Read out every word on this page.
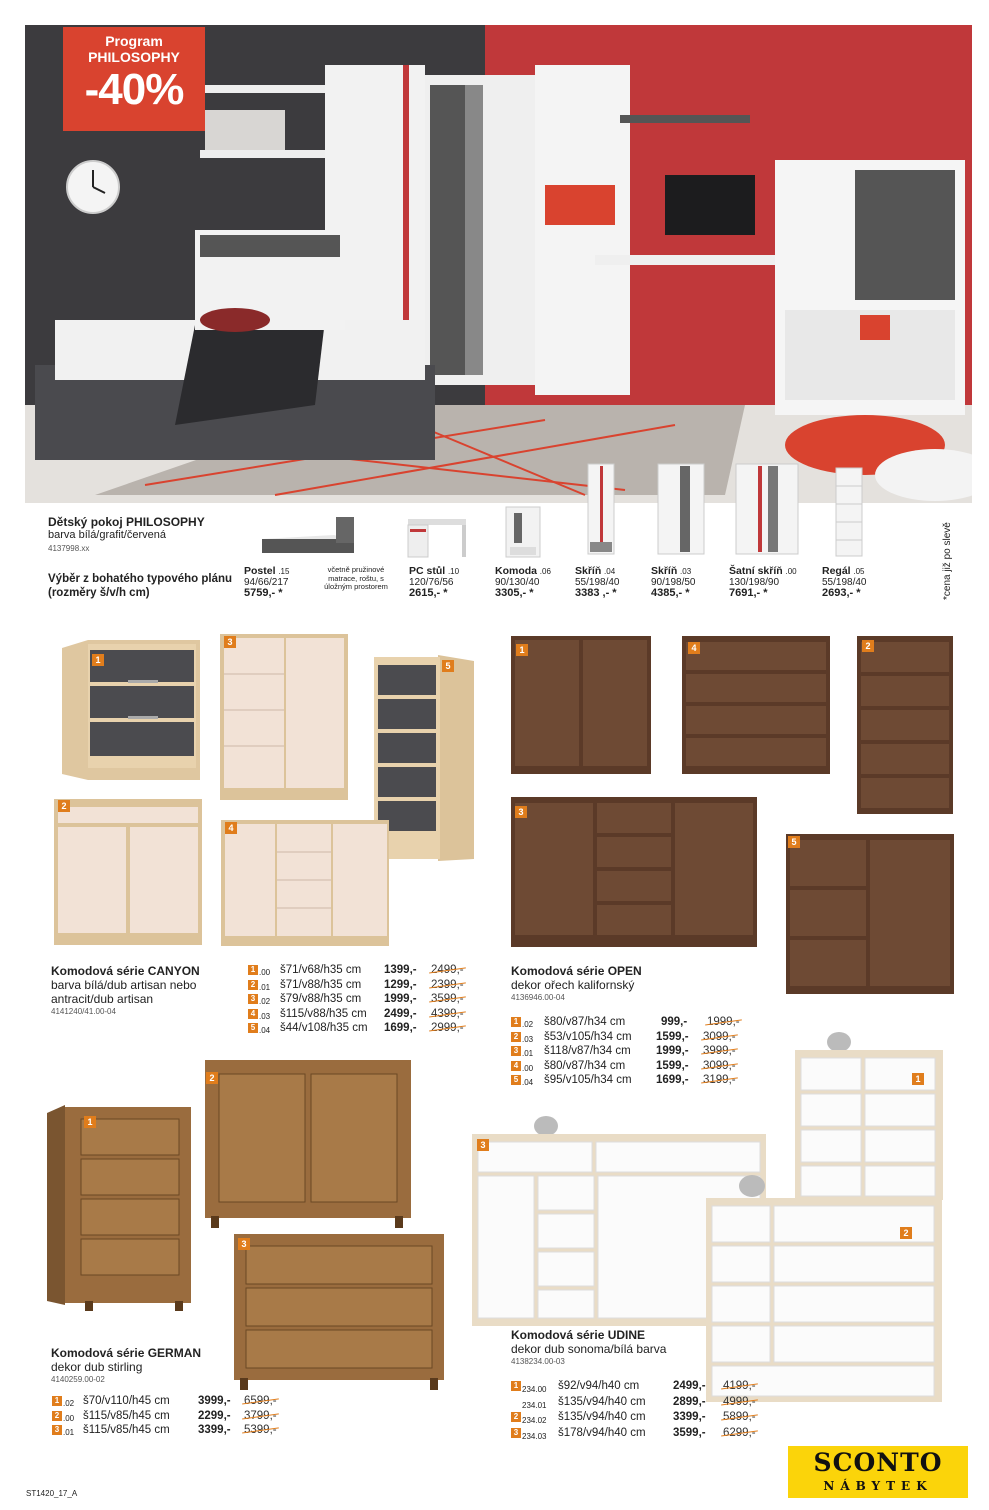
Program
PHILOSOPHY
-40%
Dětský pokoj PHILOSOPHY
barva bílá/grafit/červená
4137998.xx
Výběr z bohatého typového plánu (rozměry š/v/h cm)
Postel .15
94/66/217
5759,- *
včetně pružinové matrace, roštu, s úložným prostorem
PC stůl .10
120/76/56
2615,- *
Komoda .06
90/130/40
3305,- *
Skříň .04
55/198/40
3383 ,- *
Skříň .03
90/198/50
4385,- *
Šatní skříň .00
130/198/90
7691,- *
Regál .05
55/198/40
2693,- *	*cena již po slevě
1
3
5
2
4
1	4	2
3
5
Komodová série CANYON
barva bílá/dub artisan nebo
antracit/dub artisan
4141240/41.00-04
1 .00 š71/v68/h35 cm 1399,- 2499,-
2 .01 š71/v88/h35 cm 1299,- 2399,-
3 .02 š79/v88/h35 cm 1999,- 3599,-
4 .03 š115/v88/h35 cm 2499,- 4399,-
5 .04 š44/v108/h35 cm 1699,- 2999,-
Komodová série OPEN
dekor ořech kalifornský
4136946.00-04
1 .02 š80/v87/h34 cm	999,- 1999,-
2 .03 š53/v105/h34 cm 1599,- 3099,-
3 .01 š118/v87/h34 cm 1999,- 3999,-
4 .00 š80/v87/h34 cm	1599,- 3099,-
5 .04 š95/v105/h34 cm 1699,- 3199,-
1
2
3
1
3
2
Komodová série GERMAN
dekor dub stirling
4140259.00-02
1 .02 š70/v110/h45 cm 3999,- 6599,-
2 .00 š115/v85/h45 cm 2299,- 3799,-
3 .01 š115/v85/h45 cm 3399,- 5399,-
Komodová série UDINE
dekor dub sonoma/bílá barva
4138234.00-03
1 234.00 š92/v94/h40 cm	2499,- 4199,-
234.01 š135/v94/h40 cm 2899,- 4999,-
2 234.02 š135/v94/h40 cm 3399,- 5899,-
3 234.03 š178/v94/h40 cm 3599,- 6299,-
ST1420_17_A
SCONTO
NÁBYTEK
